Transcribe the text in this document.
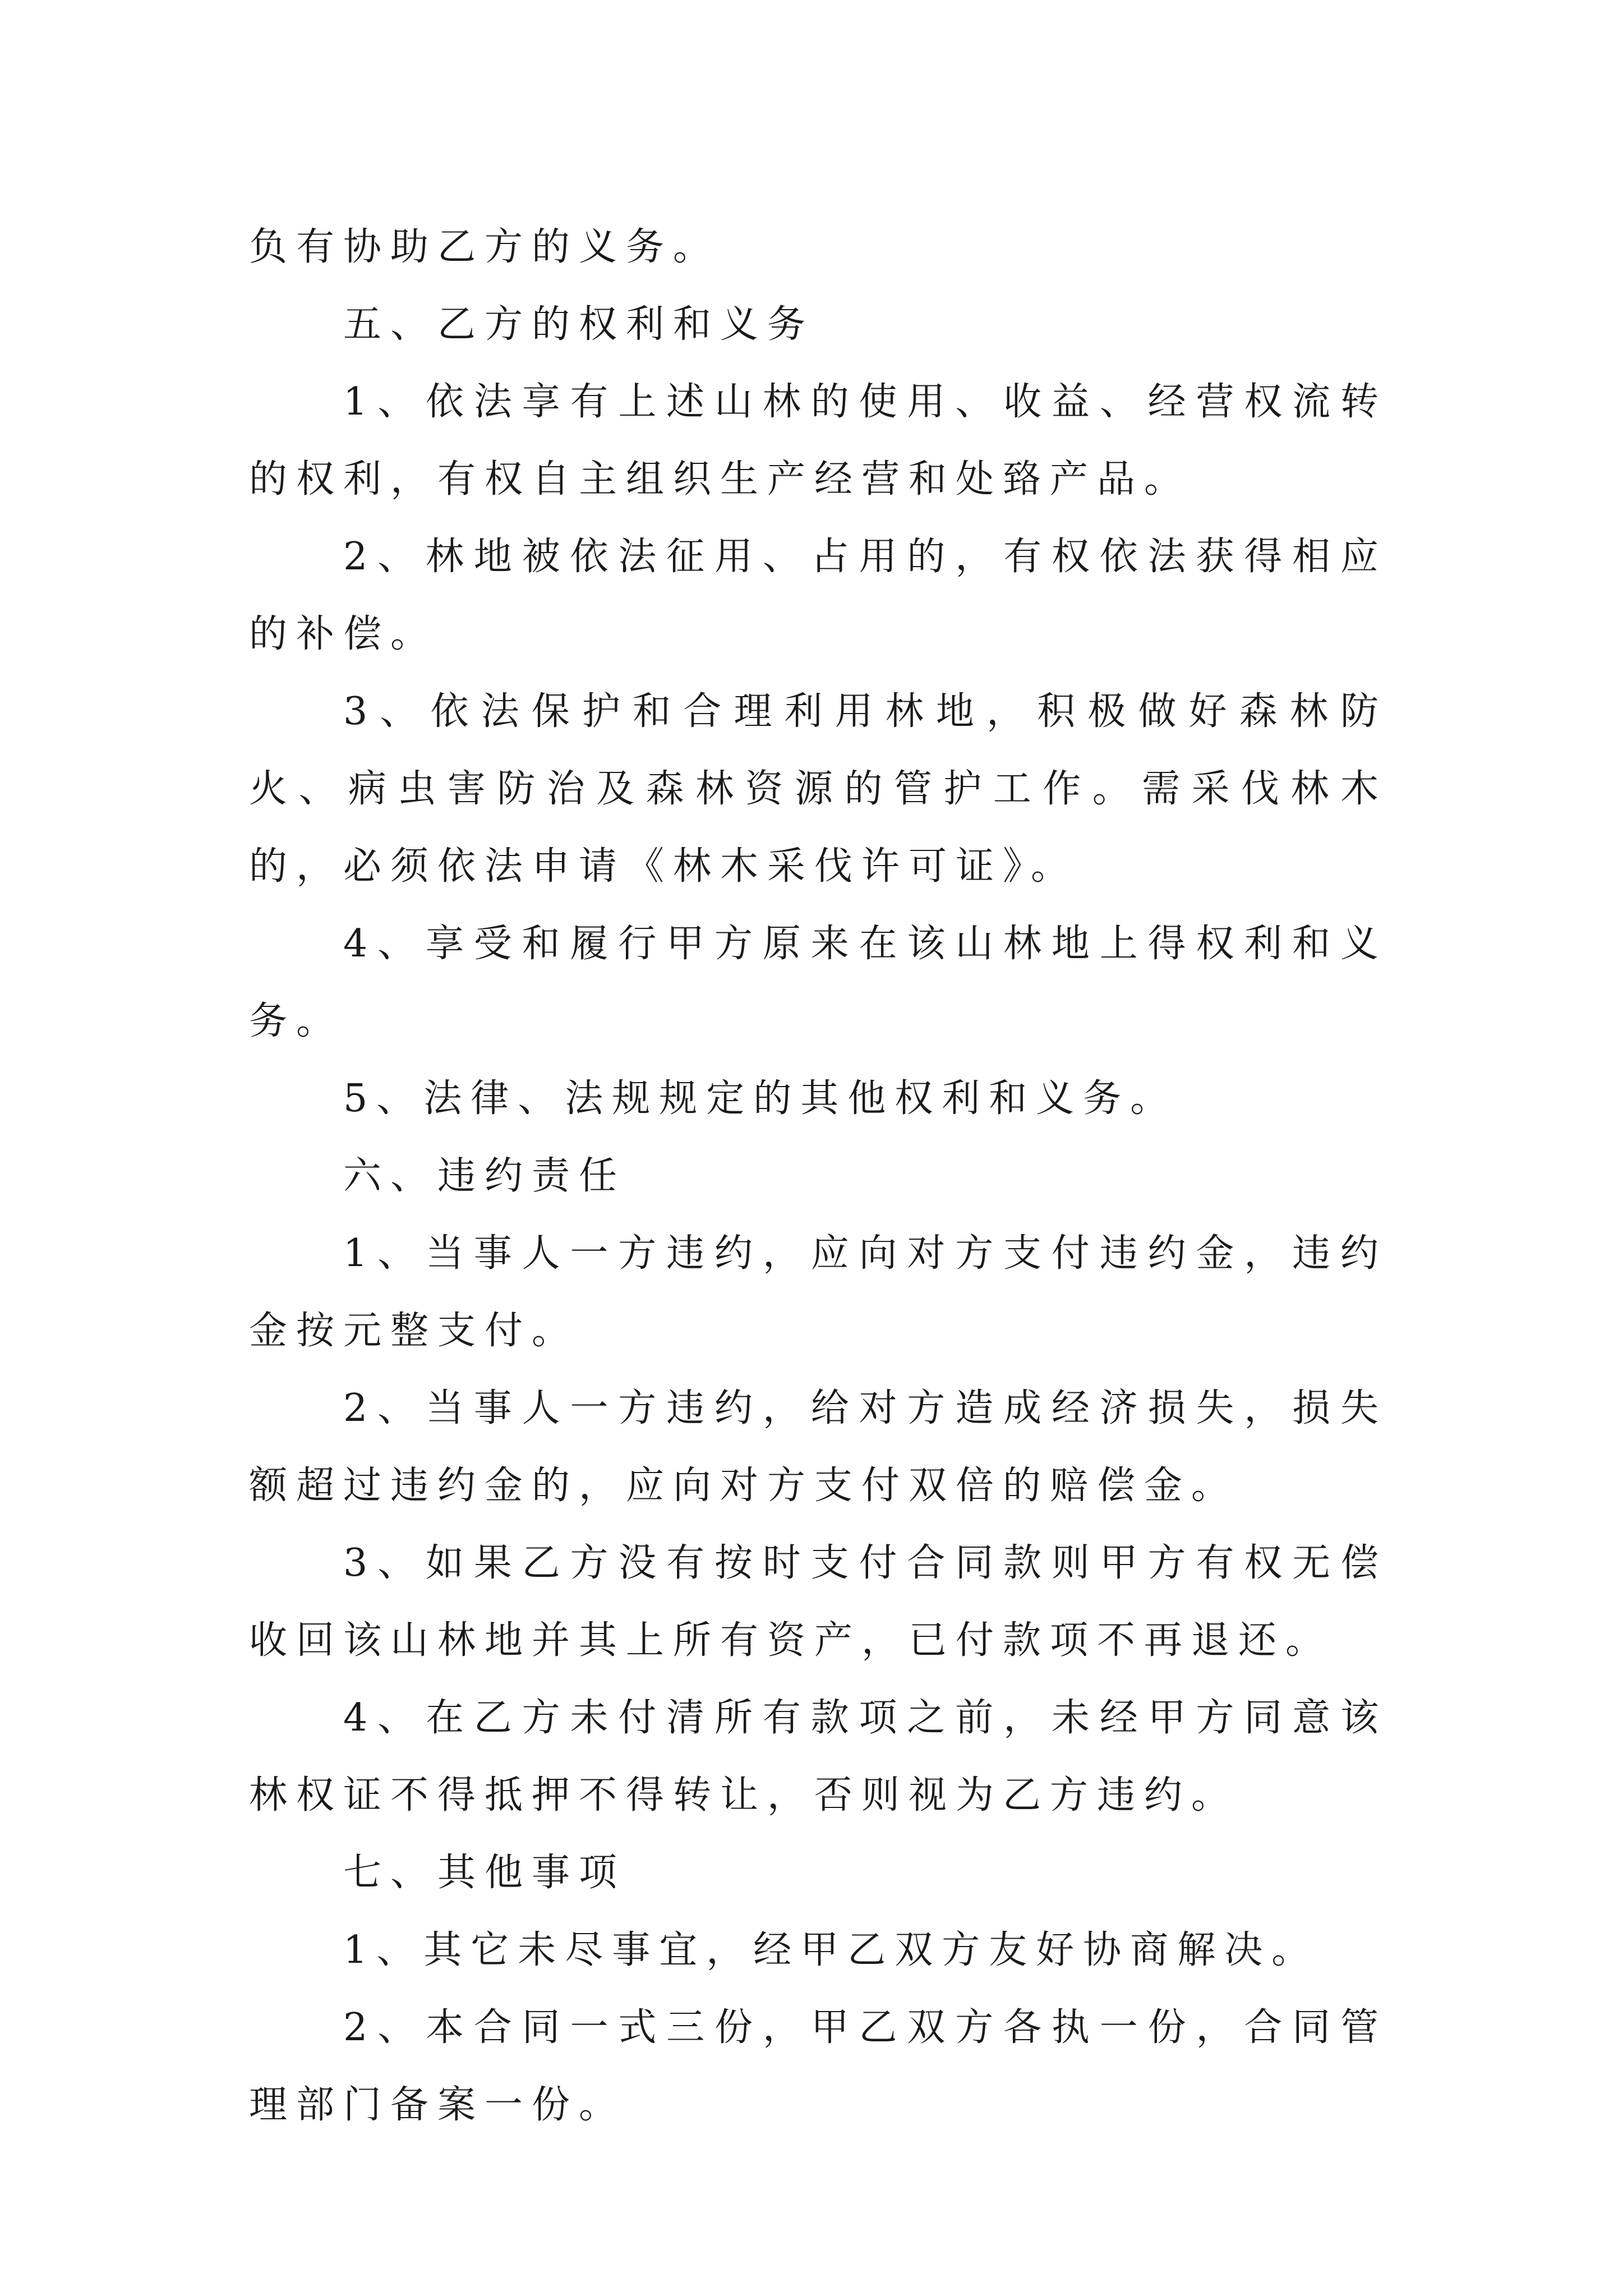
负有协助乙方的义务。

五、乙方的权利和义务

1、依法享有上述山林的使用、收益、经营权流转的权利，有权自主组织生产经营和处臵产品。

2、林地被依法征用、占用的，有权依法获得相应的补偿。

3、依法保护和合理利用林地，积极做好森林防火、病虫害防治及森林资源的管护工作。需采伐林木的，必须依法申请《林木采伐许可证》。

4、享受和履行甲方原来在该山林地上得权利和义务。

5、法律、法规规定的其他权利和义务。

六、违约责任

1、当事人一方违约，应向对方支付违约金，违约金按元整支付。

2、当事人一方违约，给对方造成经济损失，损失额超过违约金的，应向对方支付双倍的赔偿金。

3、如果乙方没有按时支付合同款则甲方有权无偿收回该山林地并其上所有资产，已付款项不再退还。

4、在乙方未付清所有款项之前，未经甲方同意该林权证不得抵押不得转让，否则视为乙方违约。

七、其他事项

1、其它未尽事宜，经甲乙双方友好协商解决。

2、本合同一式三份，甲乙双方各执一份，合同管理部门备案一份。
